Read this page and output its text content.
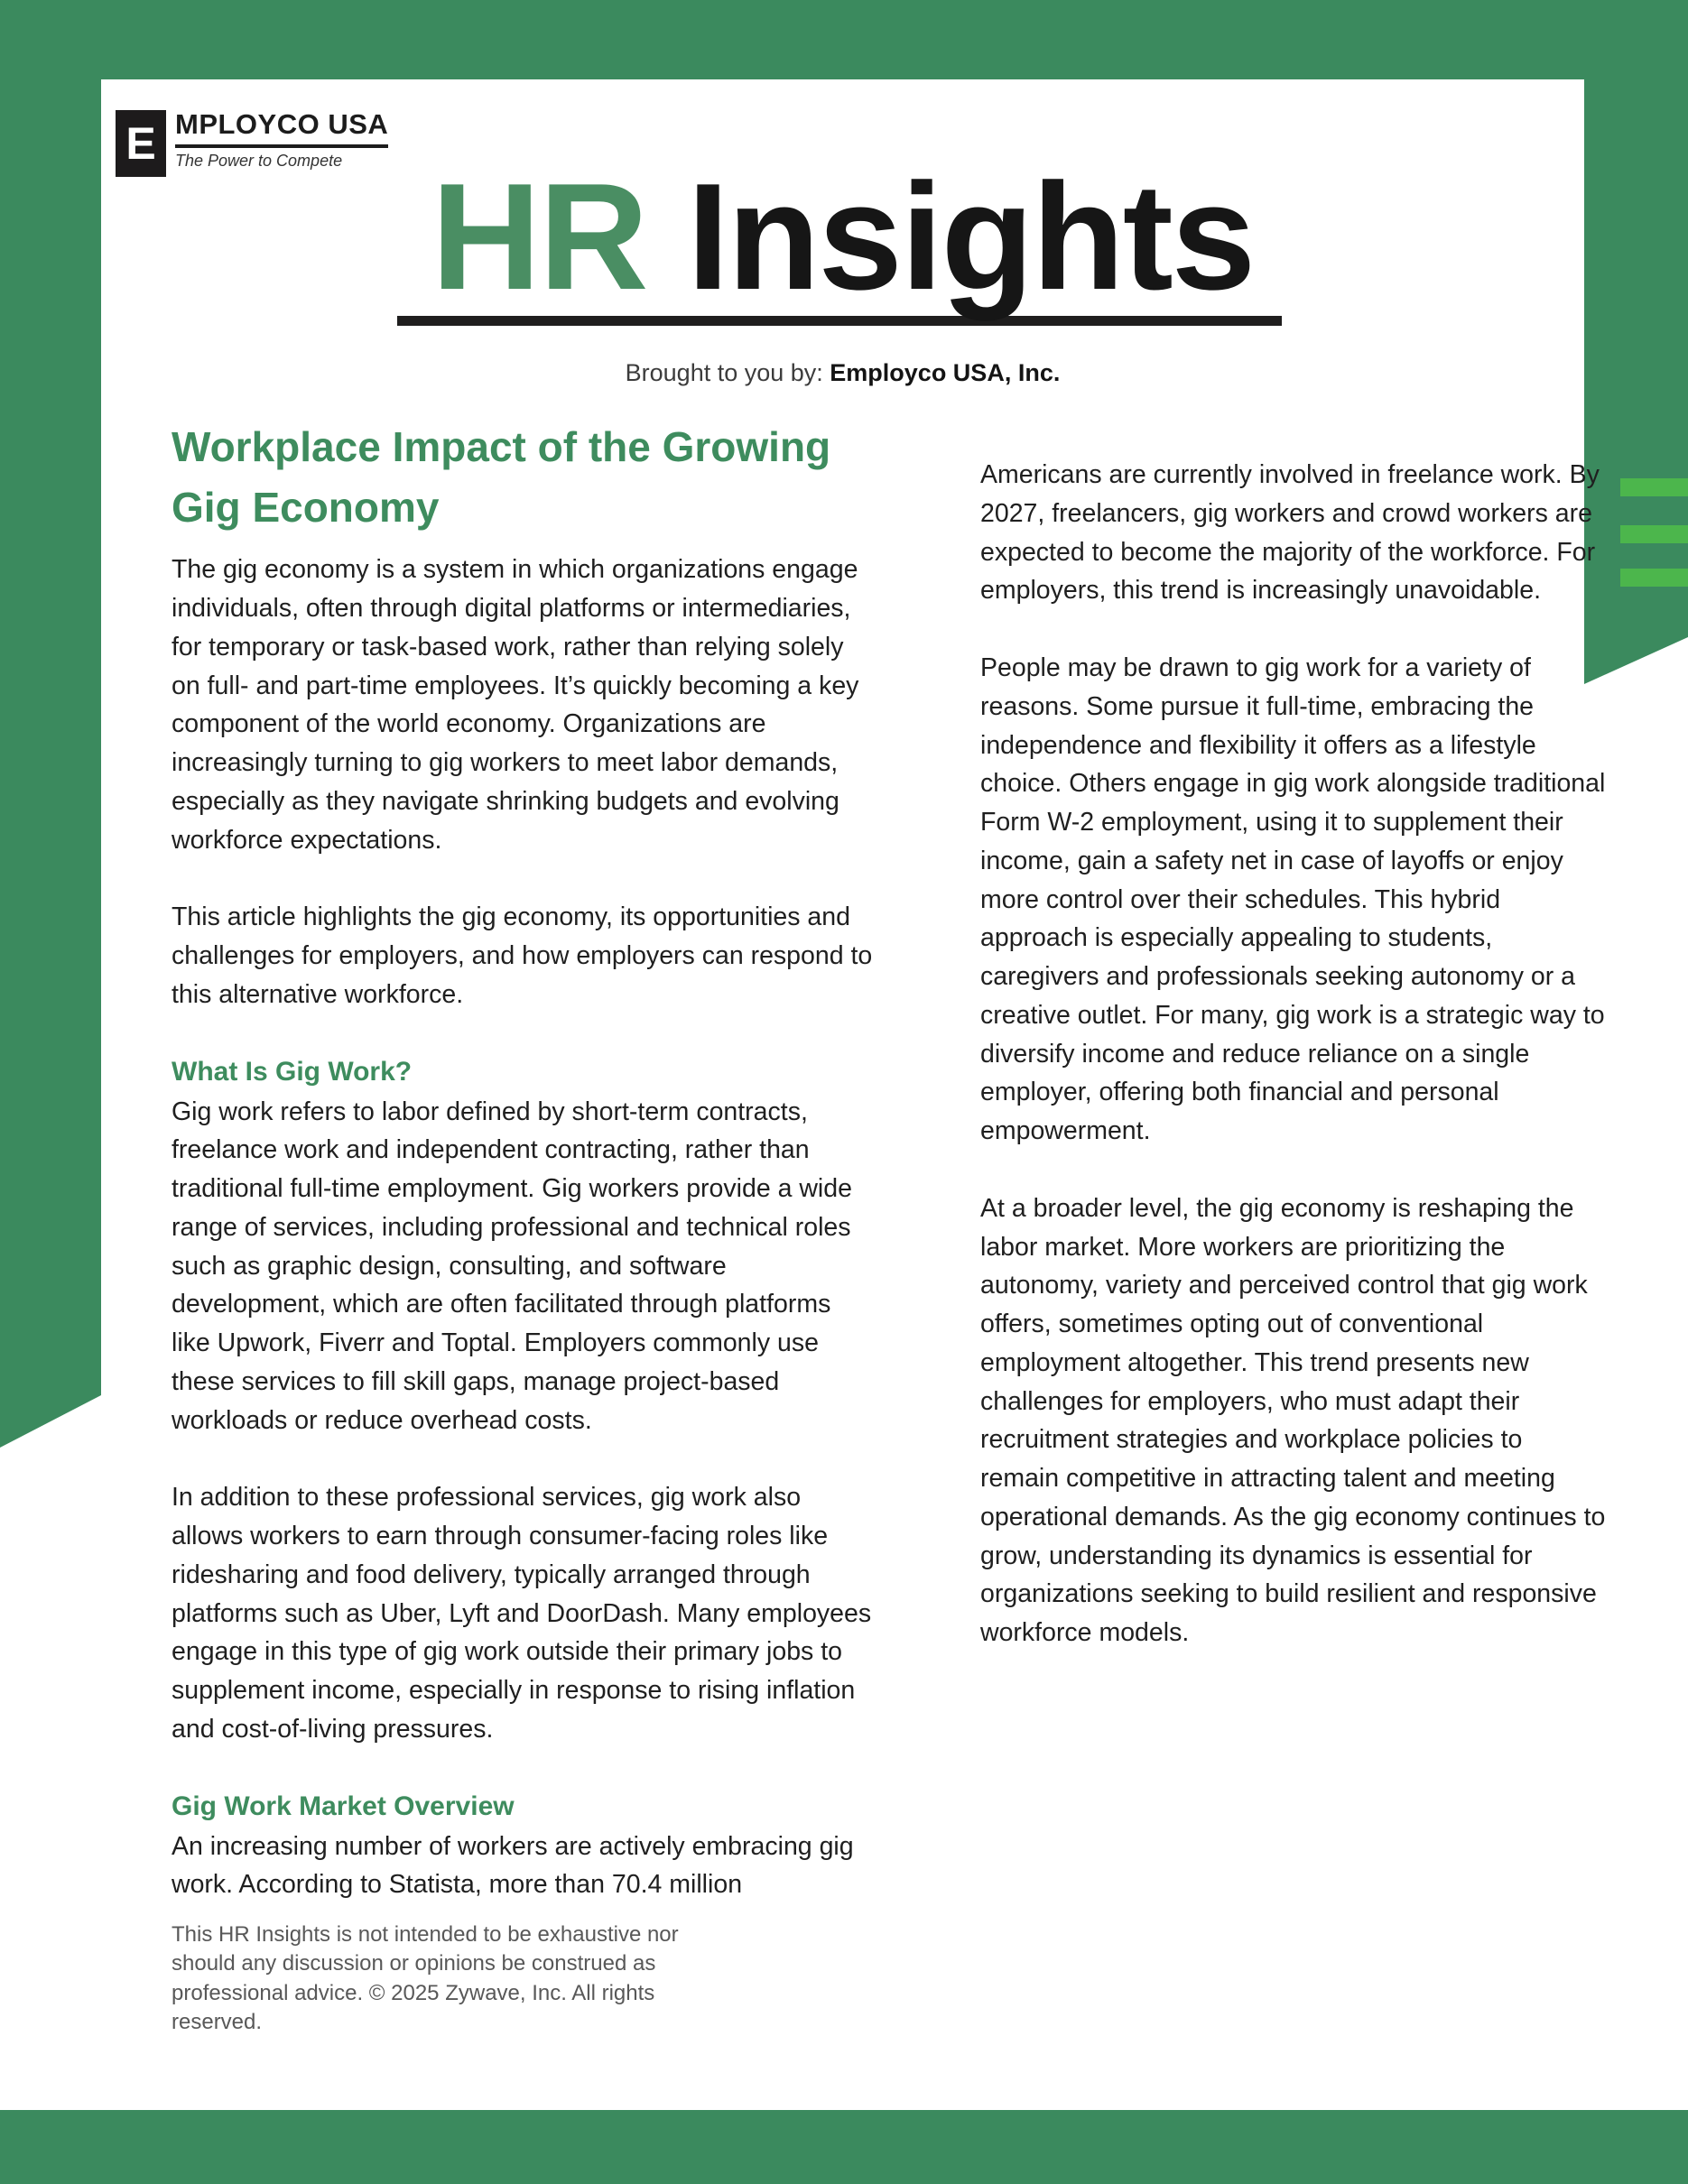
E MPLOYCO USA
The Power to Compete HR Insights
Brought to you by: Employco USA, Inc.
Workplace Impact of the Growing Gig Economy

The gig economy is a system in which organizations engage individuals, often through digital platforms or intermediaries, for temporary or task-based work, rather than relying solely on full- and part-time employees. It’s quickly becoming a key component of the world economy. Organizations are increasingly turning to gig workers to meet labor demands, especially as they navigate shrinking budgets and evolving workforce expectations.

This article highlights the gig economy, its opportunities and challenges for employers, and how employers can respond to this alternative workforce.

What Is Gig Work?

Gig work refers to labor defined by short-term contracts, freelance work and independent contracting, rather than traditional full-time employment. Gig workers provide a wide range of services, including professional and technical roles such as graphic design, consulting, and software development, which are often facilitated through platforms like Upwork, Fiverr and Toptal. Employers commonly use these services to fill skill gaps, manage project-based workloads or reduce overhead costs.

In addition to these professional services, gig work also allows workers to earn through consumer-facing roles like ridesharing and food delivery, typically arranged through platforms such as Uber, Lyft and DoorDash. Many employees engage in this type of gig work outside their primary jobs to supplement income, especially in response to rising inflation and cost-of-living pressures.

Gig Work Market Overview

An increasing number of workers are actively embracing gig work. According to Statista, more than 70.4 million

Americans are currently involved in freelance work. By 2027, freelancers, gig workers and crowd workers are expected to become the majority of the workforce. For employers, this trend is increasingly unavoidable.

People may be drawn to gig work for a variety of reasons. Some pursue it full-time, embracing the independence and flexibility it offers as a lifestyle choice. Others engage in gig work alongside traditional Form W-2 employment, using it to supplement their income, gain a safety net in case of layoffs or enjoy more control over their schedules. This hybrid approach is especially appealing to students, caregivers and professionals seeking autonomy or a creative outlet. For many, gig work is a strategic way to diversify income and reduce reliance on a single employer, offering both financial and personal empowerment.

At a broader level, the gig economy is reshaping the labor market. More workers are prioritizing the autonomy, variety and perceived control that gig work offers, sometimes opting out of conventional employment altogether. This trend presents new challenges for employers, who must adapt their recruitment strategies and workplace policies to remain competitive in attracting talent and meeting operational demands. As the gig economy continues to grow, understanding its dynamics is essential for organizations seeking to build resilient and responsive workforce models.

This HR Insights is not intended to be exhaustive nor should any discussion or opinions be construed as professional advice. © 2025 Zywave, Inc. All rights reserved.
